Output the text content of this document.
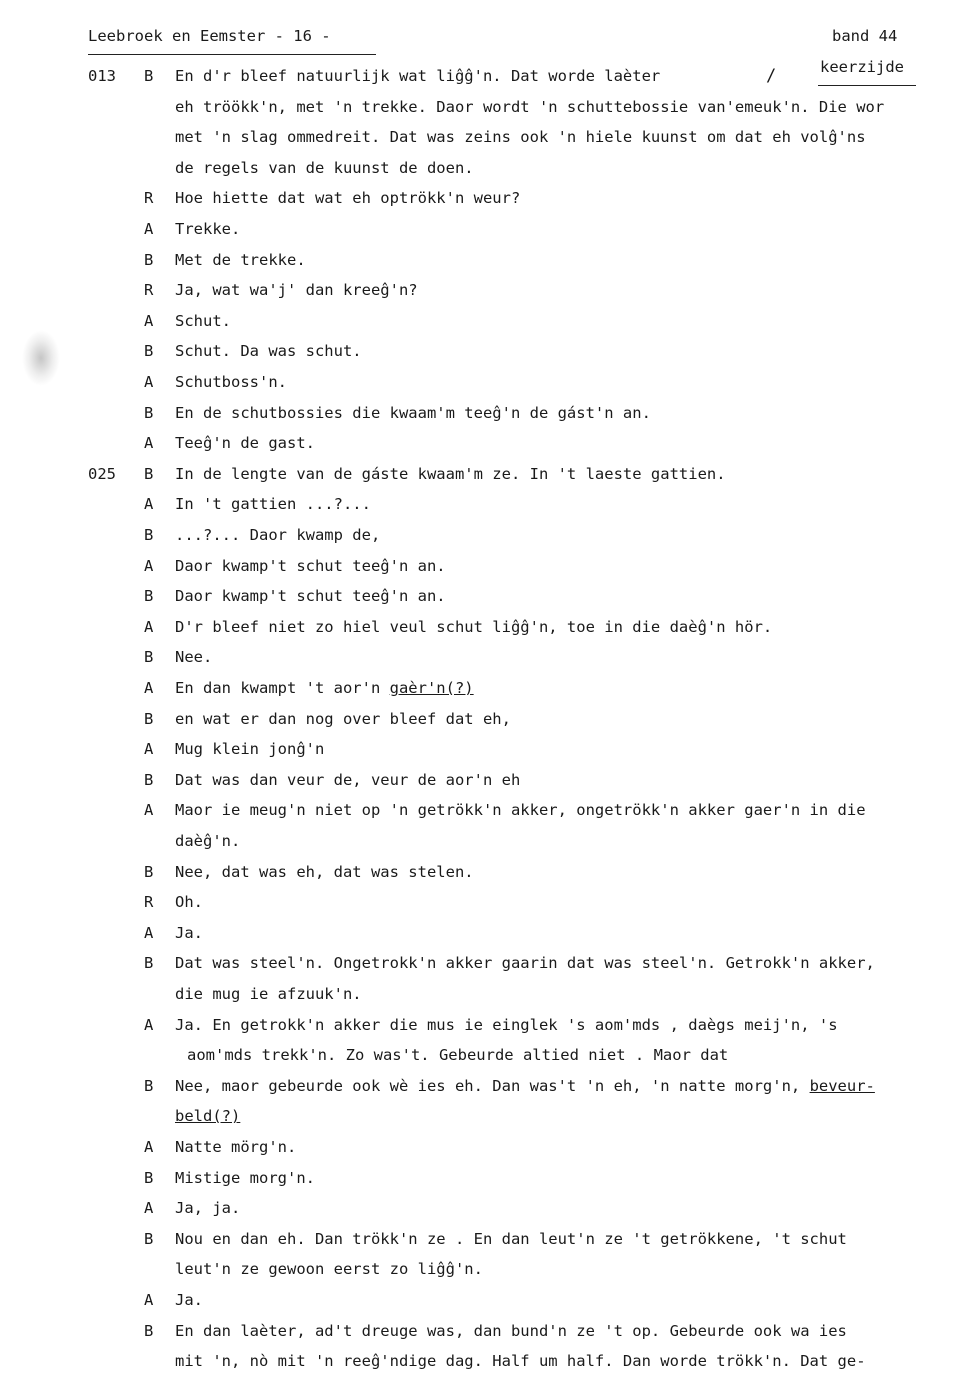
Leebroek en Eemster - 16 -	band 44
keerzijde
/
013 B En d'r bleef natuurlijk wat liĝĝ'n. Dat worde laèter
eh tröökk'n, met 'n trekke. Daor wordt 'n schuttebossie van'emeuk'n. Die wor
met 'n slag ommedreit. Dat was zeins ook 'n hiele kuunst om dat eh volĝ'ns
de regels van de kuunst de doen.
R Hoe hiette dat wat eh optrökk'n weur?
A Trekke.
B Met de trekke.
R Ja, wat wa'j' dan kreeĝ'n?
A Schut.
B Schut. Da was schut.
A Schutboss'n.
B En de schutbossies die kwaam'm teeĝ'n de gást'n an.
A Teeĝ'n de gast.
025 B In de lengte van de gáste kwaam'm ze. In 't laeste gattien.
A In 't gattien ...?...
B ...?... Daor kwamp de,
A Daor kwamp't schut teeĝ'n an.
B Daor kwamp't schut teeĝ'n an.
A D'r bleef niet zo hiel veul schut liĝĝ'n, toe in die daèĝ'n hör.
B Nee.
A En dan kwampt 't aor'n gaèr'n(?)
B en wat er dan nog over bleef dat eh,
A Mug klein jonĝ'n
B Dat was dan veur de, veur de aor'n eh
A Maor ie meug'n niet op 'n getrökk'n akker, ongetrökk'n akker gaer'n in die
daèĝ'n.
B Nee, dat was eh, dat was stelen.
R Oh.
A Ja.
B Dat was steel'n. Ongetrokk'n akker gaarin dat was steel'n. Getrokk'n akker,
die mug ie afzuuk'n.
A Ja. En getrokk'n akker die mus ie einglek 's aom'mds , daègs meij'n, 's
aom'mds trekk'n. Zo was't. Gebeurde altied niet . Maor dat
B Nee, maor gebeurde ook wè ies eh. Dan was't 'n eh, 'n natte morg'n, beveur-
beld(?)
A Natte mörg'n.
B Mistige morg'n.
A Ja, ja.
B Nou en dan eh. Dan trökk'n ze . En dan leut'n ze 't getrökkene, 't schut
leut'n ze gewoon eerst zo liĝĝ'n.
A Ja.
B En dan laèter, ad't dreuge was, dan bund'n ze 't op. Gebeurde ook wa ies
mit 'n, nò mit 'n reeĝ'ndige dag. Half um half. Dan worde trökk'n. Dat ge-
